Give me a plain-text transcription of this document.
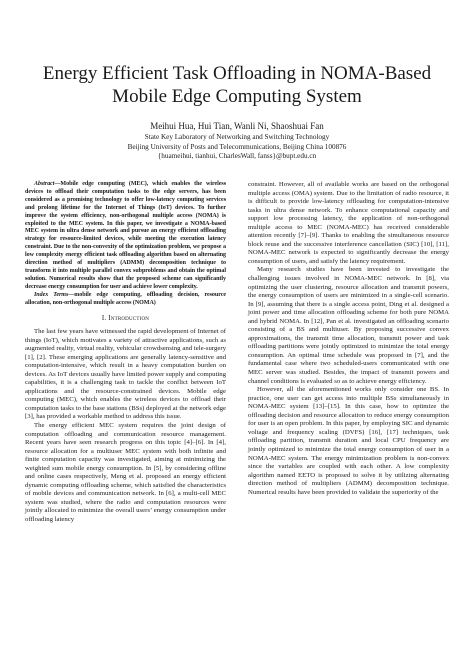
Energy Efficient Task Offloading in NOMA-Based
Mobile Edge Computing System
Meihui Hua, Hui Tian, Wanli Ni, Shaoshuai Fan
State Key Laboratory of Networking and Switching Technology
Beijing University of Posts and Telecommunications, Beijing China 100876
{huameihui, tianhui, CharlesWall, fanss}@bupt.edu.cn

Abstract—Mobile edge computing (MEC), which enables the wireless devices to offload their computation tasks to the edge servers, has been considered as a promising technology to offer low-latency computing services and prolong lifetime for the Internet of Things (IoT) devices. To further improve the system efficiency, non-orthogonal multiple access (NOMA) is exploited to the MEC system. In this paper, we investigate a NOMA-based MEC system in ultra dense network and pursue an energy efficient offloading strategy for resource-limited devices, while meeting the execution latency constraint. Due to the non-convexity of the optimization problem, we propose a low complexity energy efficient task offloading algorithm based on alternating direction method of multipliers (ADMM) decomposition technique to transform it into multiple parallel convex subproblems and obtain the optimal solution. Numerical results show that the proposed scheme can significantly decrease energy consumption for user and achieve lower complexity.

Index Terms—mobile edge computing, offloading decision, resource allocation, non-orthogonal multiple access (NOMA)

I. Introduction

The last few years have witnessed the rapid development of Internet of things (IoT), which motivates a variety of attractive applications, such as augmented reality, virtual reality, vehicular crowdsensing and tele-surgery [1], [2]. These emerging applications are generally latency-sensitive and computation-intensive, which result in a heavy computation burden on devices. As IoT devices usually have limited power supply and computing capabilities, it is a challenging task to tackle the conflict between IoT applications and the resource-constrained devices. Mobile edge computing (MEC), which enables the wireless devices to offload their computation tasks to the base stations (BSs) deployed at the network edge [3], has provided a workable method to address this issue.

The energy efficient MEC system requires the joint design of computation offloading and communication resource management. Recent years have seen research progress on this topic [4]–[6]. In [4], resource allocation for a multiuser MEC system with both infinite and finite computation capacity was investigated, aiming at minimizing the weighted sum mobile energy consumption. In [5], by considering offline and online cases respectively, Meng et al. proposed an energy efficient dynamic computing offloading scheme, which satisfied the characteristics of mobile devices and communication network. In [6], a multi-cell MEC system was studied, where the radio and computation resources were jointly allocated to minimize the overall users’ energy consumption under offloading latency

constraint. However, all of available works are based on the orthogonal multiple access (OMA) system. Due to the limitation of radio resource, it is difficult to provide low-latency offloading for computation-intensive tasks in ultra dense network. To enhance computational capacity and support low processing latency, the application of non-orthogonal multiple access to MEC (NOMA-MEC) has received considerable attention recently [7]–[9]. Thanks to enabling the simultaneous resource block reuse and the successive interference cancellation (SIC) [10], [11], NOMA-MEC network is expected to significantly decrease the energy consumption of users, and satisfy the latency requirement.

Many research studies have been invested to investigate the challenging issues involved in NOMA-MEC network. In [8], via optimizing the user clustering, resource allocation and transmit powers, the energy consumption of users are minimized in a single-cell scenario. In [9], assuming that there is a single access point, Ding et al. designed a joint power and time allocation offloading scheme for both pure NOMA and hybrid NOMA. In [12], Pan et al. investigated an offloading scenario consisting of a BS and multiuser. By proposing successive convex approximations, the transmit time allocation, transmit power and task offloading partitions were jointly optimized to minimize the total energy consumption. An optimal time schedule was proposed in [7], and the fundamental case where two scheduled-users communicated with one MEC server was studied. Besides, the impact of transmit powers and channel conditions is evaluated so as to achieve energy efficiency.

However, all the aforementioned works only consider one BS. In practice, one user can get access into multiple BSs simultaneously in NOMA-MEC system [13]–[15]. In this case, how to optimize the offloading decision and resource allocation to reduce energy consumption for user is an open problem. In this paper, by employing SIC and dynamic voltage and frequency scaling (DVFS) [16], [17] techniques, task offloading partition, transmit duration and local CPU frequency are jointly optimized to minimize the total energy consumption of user in a NOMA-MEC system. The energy minimization problem is non-convex since the variables are coupled with each other. A low complexity algorithm named EETO is proposed to solve it by utilizing alternating direction method of multipliers (ADMM) decomposition technique. Numerical results have been provided to validate the superiority of the
